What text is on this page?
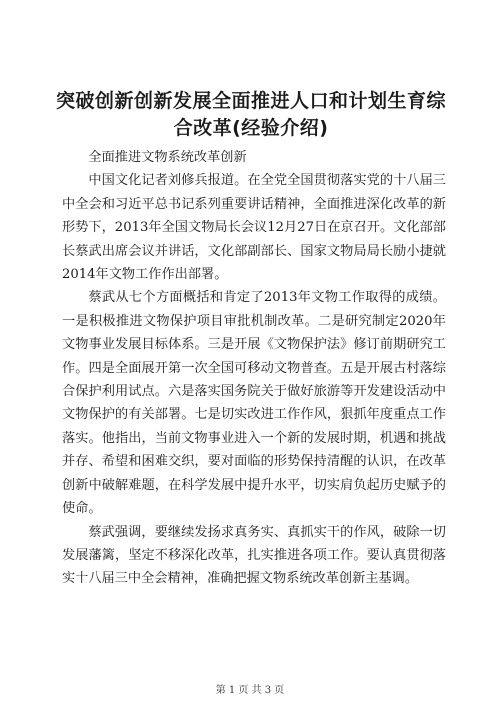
突破创新创新发展全面推进人口和计划生育综合改革(经验介绍)

全面推进文物系统改革创新

中国文化记者刘修兵报道。在全党全国贯彻落实党的十八届三中全会和习近平总书记系列重要讲话精神，全面推进深化改革的新形势下，2013年全国文物局长会议12月27日在京召开。文化部部长蔡武出席会议并讲话，文化部副部长、国家文物局局长励小捷就2014年文物工作作出部署。

蔡武从七个方面概括和肯定了2013年文物工作取得的成绩。一是积极推进文物保护项目审批机制改革。二是研究制定2020年文物事业发展目标体系。三是开展《文物保护法》修订前期研究工作。四是全面展开第一次全国可移动文物普查。五是开展古村落综合保护利用试点。六是落实国务院关于做好旅游等开发建设活动中文物保护的有关部署。七是切实改进工作作风，狠抓年度重点工作落实。他指出，当前文物事业进入一个新的发展时期，机遇和挑战并存、希望和困难交织，要对面临的形势保持清醒的认识，在改革创新中破解难题，在科学发展中提升水平，切实肩负起历史赋予的使命。

蔡武强调，要继续发扬求真务实、真抓实干的作风，破除一切发展藩篱，坚定不移深化改革，扎实推进各项工作。要认真贯彻落实十八届三中全会精神，准确把握文物系统改革创新主基调。

第 1 页 共 3 页
